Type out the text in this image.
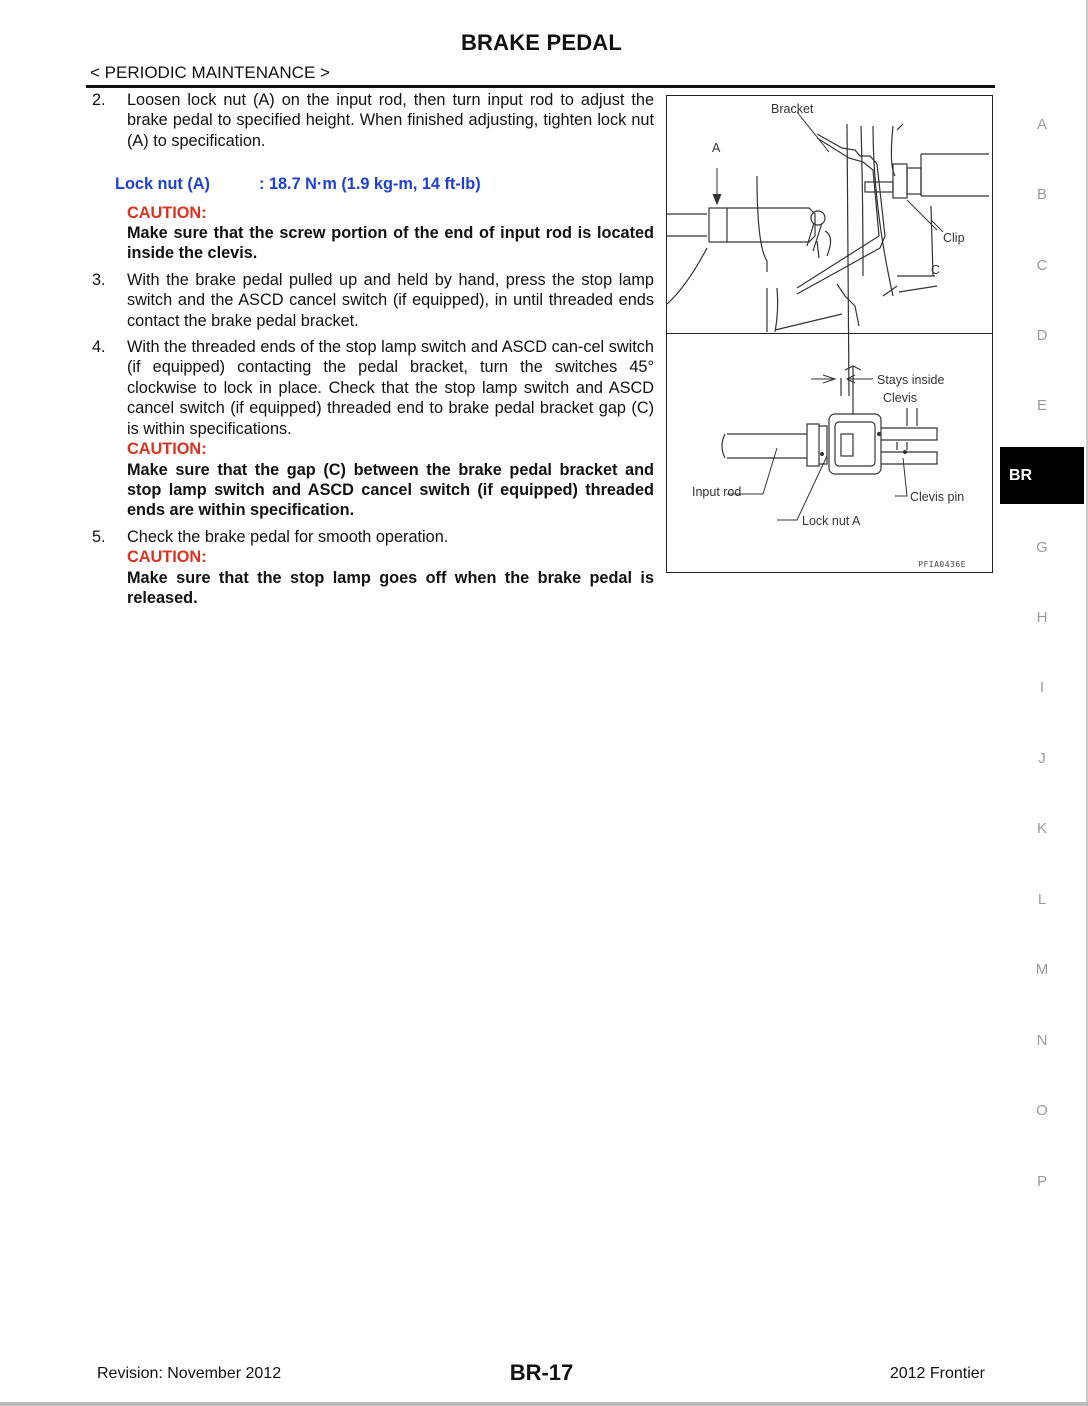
BRAKE PEDAL
< PERIODIC MAINTENANCE >
2. Loosen lock nut (A) on the input rod, then turn input rod to adjust the brake pedal to specified height. When finished adjusting, tighten lock nut (A) to specification.
Lock nut (A)	: 18.7 N·m (1.9 kg-m, 14 ft-lb)
CAUTION:
Make sure that the screw portion of the end of input rod is located inside the clevis.
3. With the brake pedal pulled up and held by hand, press the stop lamp switch and the ASCD cancel switch (if equipped), in until threaded ends contact the brake pedal bracket.
4. With the threaded ends of the stop lamp switch and ASCD can-cel switch (if equipped) contacting the pedal bracket, turn the switches 45° clockwise to lock in place. Check that the stop lamp switch and ASCD cancel switch (if equipped) threaded end to brake pedal bracket gap (C) is within specifications.
CAUTION:
Make sure that the gap (C) between the brake pedal bracket and stop lamp switch and ASCD cancel switch (if equipped) threaded ends are within specification.
5. Check the brake pedal for smooth operation.
CAUTION:
Make sure that the stop lamp goes off when the brake pedal is released.
Bracket
A
Clip
C
Stays inside
Clevis
Input rod	Clevis pin
Lock nut A
PFIA0436E
A
B
C
D
E
BR
G
H
I
J
K
L
M
N
O
P
Revision: November 2012	BR-17	2012 Frontier
